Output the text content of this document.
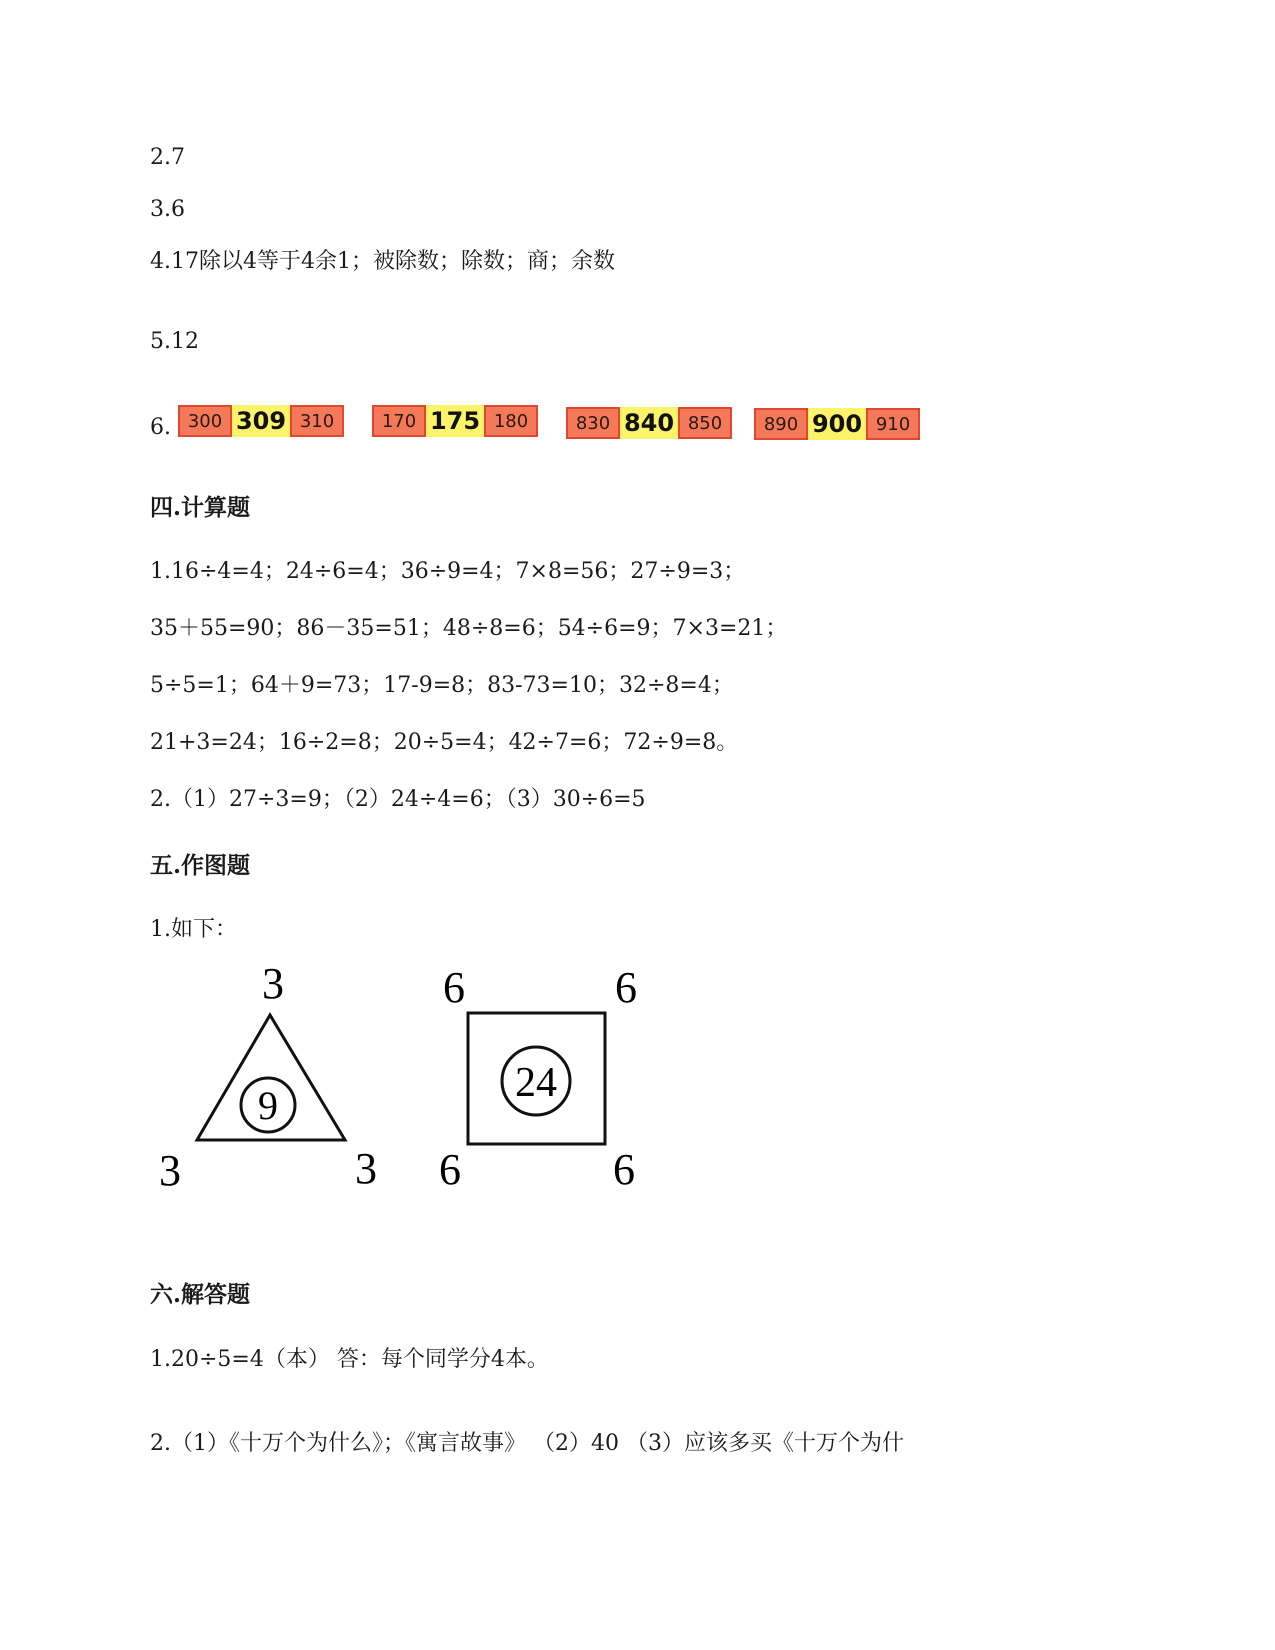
2.7
3.6
4.17除以4等于4余1；被除数；除数；商；余数
5.12
6. 300 309 310	170 175 180	830 840 850	890 900 910
四.计算题
1.16÷4=4；24÷6=4；36÷9=4；7×8=56；27÷9=3；
35＋55=90；86－35=51；48÷8=6；54÷6=9；7×3=21；
5÷5=1；64＋9=73；17-9=8；83-73=10；32÷8=4；
21+3=24；16÷2=8；20÷5=4；42÷7=6；72÷9=8。
2.（1）27÷3=9；（2）24÷4=6；（3）30÷6=5
五.作图题
1.如下：
9
3
3	3
24
6	6
6	6
六.解答题
1.20÷5=4（本） 答：每个同学分4本。
2.（1）《十万个为什么》；《寓言故事》 （2）40 （3）应该多买《十万个为什
